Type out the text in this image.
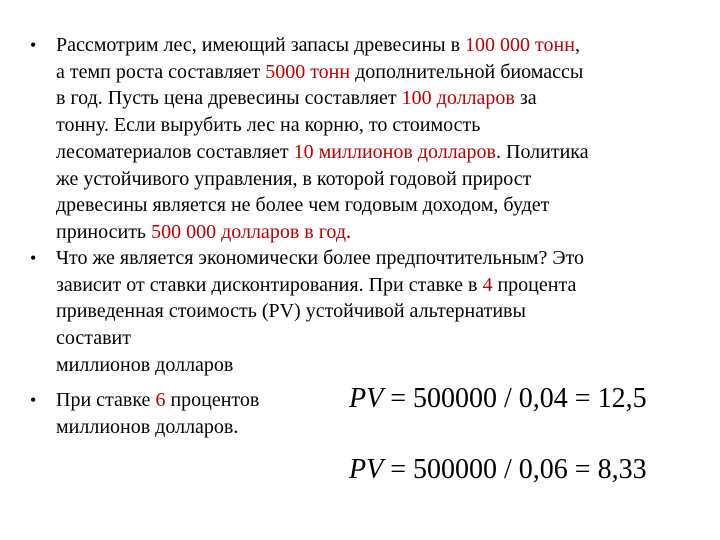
• Рассмотрим лес, имеющий запасы древесины в 100 000 тонн,
а темп роста составляет 5000 тонн дополнительной биомассы
в год. Пусть цена древесины составляет 100 долларов за
тонну. Если вырубить лес на корню, то стоимость
лесоматериалов составляет 10 миллионов долларов. Политика
же устойчивого управления, в которой годовой прирост
древесины является не более чем годовым доходом, будет
приносить 500 000 долларов в год.
• Что же является экономически более предпочтительным? Это
зависит от ставки дисконтирования. При ставке в 4 процента
приведенная стоимость (PV) устойчивой альтернативы
составит
миллионов долларов
• При ставке 6 процентов
миллионов долларов.
PV = 500000 / 0,04 = 12,5
PV = 500000 / 0,06 = 8,33
